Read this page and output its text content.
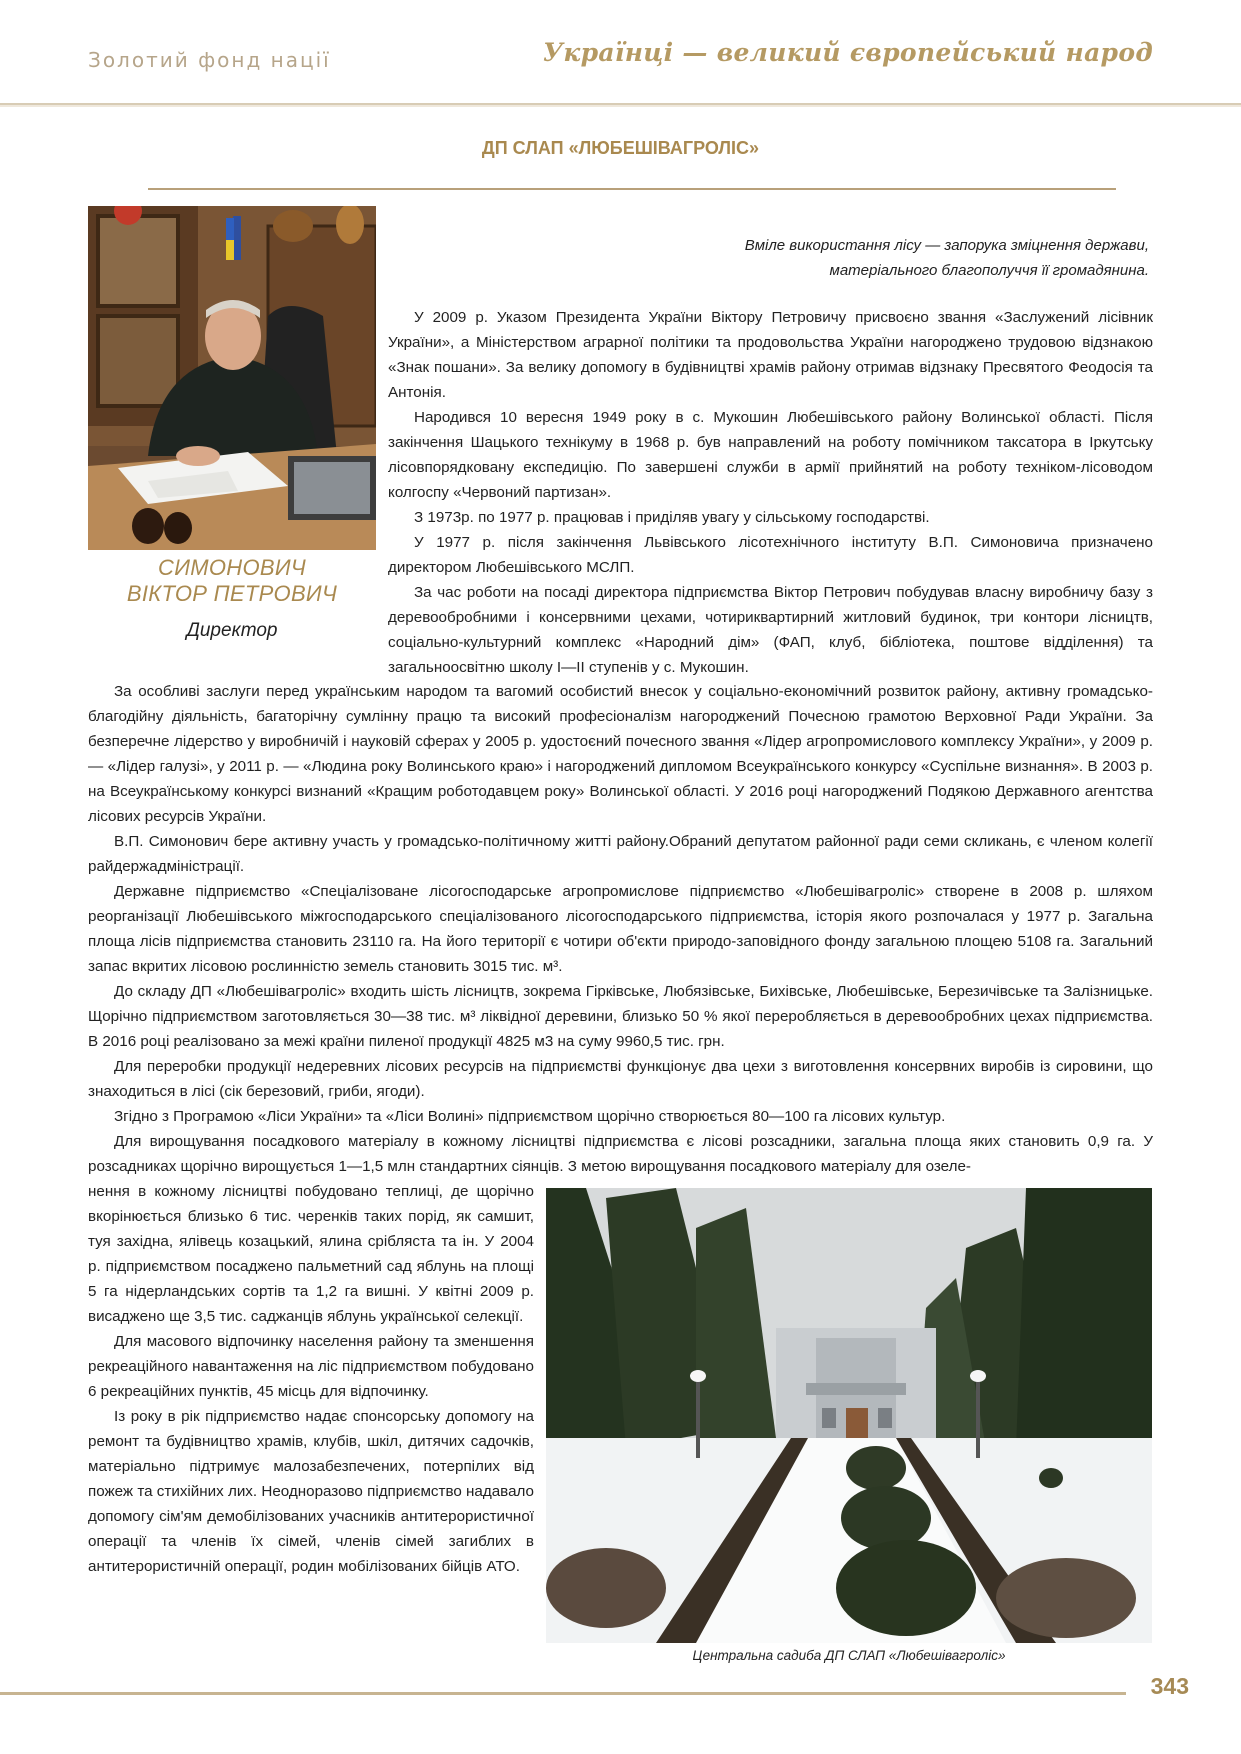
Золотий фонд нації	Українці — великий європейський народ
ДП СЛАП «ЛЮБЕШІВАГРОЛІС»
СИМОНОВИЧ
ВІКТОР ПЕТРОВИЧ
Директор
Вміле використання лісу — запорука зміцнення держави,
матеріального благополуччя її громадянина.

У 2009 р. Указом Президента України Віктору Петровичу присвоєно звання «Заслужений лісівник України», а Міністерством аграрної політики та продовольства України нагороджено трудовою відзнакою «Знак пошани». За велику допомогу в будівництві храмів району отримав відзнаку Пресвятого Феодосія та Антонія.

Народився 10 вересня 1949 року в с. Мукошин Любешівського району Волинської області. Після закінчення Шацького технікуму в 1968 р. був направлений на роботу помічником таксатора в Іркутську лісовпорядковану експедицію. По завершені служби в армії прийнятий на роботу техніком-лісоводом колгоспу «Червоний партизан».

З 1973р. по 1977 р. працював і приділяв увагу у сільському господарстві.

У 1977 р. після закінчення Львівського лісотехнічного інституту В.П. Симоновича призначено директором Любешівського МСЛП.

За час роботи на посаді директора підприємства Віктор Петрович побудував власну виробничу базу з деревообробними і консервними цехами, чотириквартирний житловий будинок, три контори лісництв, соціально-культурний комплекс «Народний дім» (ФАП, клуб, бібліотека, поштове відділення) та загальноосвітню школу І—ІІ ступенів у с. Мукошин.

За особливі заслуги перед українським народом та вагомий особистий внесок у соціально-економічний розвиток району, активну громадсько-благодійну діяльність, багаторічну сумлінну працю та високий професіоналізм нагороджений Почесною грамотою Верховної Ради України. За безперечне лідерство у виробничій і науковій сферах у 2005 р. удостоєний почесного звання «Лідер агропромислового комплексу України», у 2009 р. — «Лідер галузі», у 2011 р. — «Людина року Волинського краю» і нагороджений дипломом Всеукраїнського конкурсу «Суспільне визнання». В 2003 р. на Всеукраїнському конкурсі визнаний «Кращим роботодавцем року» Волинської області. У 2016 році нагороджений Подякою Державного агентства лісових ресурсів України.

В.П. Симонович бере активну участь у громадсько-політичному житті району.Обраний депутатом районної ради семи скликань, є членом колегії райдержадміністрації.

Державне підприємство «Спеціалізоване лісогосподарське агропромислове підприємство «Любешівагроліс» створене в 2008 р. шляхом реорганізації Любешівського міжгосподарського спеціалізованого лісогосподарського підприємства, історія якого розпочалася у 1977 р. Загальна площа лісів підприємства становить 23110 га. На його території є чотири об'єкти природо-заповідного фонду загальною площею 5108 га. Загальний запас вкритих лісовою рослинністю земель становить 3015 тис. м³.

До складу ДП «Любешівагроліс» входить шість лісництв, зокрема Гірківське, Любязівське, Бихівське, Любешівське, Березичівське та Залізницьке. Щорічно підприємством заготовляється 30—38 тис. м³ ліквідної деревини, близько 50 % якої переробляється в деревообробних цехах підприємства. В 2016 році реалізовано за межі країни пиленої продукції 4825 м3 на суму 9960,5 тис. грн.

Для переробки продукції недеревних лісових ресурсів на підприємстві функціонує два цехи з виготовлення консервних виробів із сировини, що знаходиться в лісі (сік березовий, гриби, ягоди).

Згідно з Програмою «Ліси України» та «Ліси Волині» підприємством щорічно створюється 80—100 га лісових культур.

Для вирощування посадкового матеріалу в кожному лісництві підприємства є лісові розсадники, загальна площа яких становить 0,9 га. У розсадниках щорічно вирощується 1—1,5 млн стандартних сіянців. З метою вирощування посадкового матеріалу для озеле-

нення в кожному лісництві побудовано теплиці, де щорічно вкорінюється близько 6 тис. черенків таких порід, як самшит, туя західна, ялівець козацький, ялина сріблястa та ін. У 2004 р. підприємством посаджено пальметний сад яблунь на площі 5 га нідерландських сортів та 1,2 га вишні. У квітні 2009 р. висаджено ще 3,5 тис. саджанців яблунь української селекції.

Для масового відпочинку населення району та зменшення рекреаційного навантаження на ліс підприємством побудовано 6 рекреаційних пунктів, 45 місць для відпочинку.

Із року в рік підприємство надає спонсорську допомогу на ремонт та будівництво храмів, клубів, шкіл, дитячих садочків, матеріально підтримує малозабезпечених, потерпілих від пожеж та стихійних лих. Неодноразово підприємство надавало допомогу сім'ям демобілізованих учасників антитерористичної операції та членів їх сімей, членів сімей загиблих в антитерористичній операції, родин мобілізованих бійців АТО.

Центральна садиба ДП СЛАП «Любешівагроліс»
343
